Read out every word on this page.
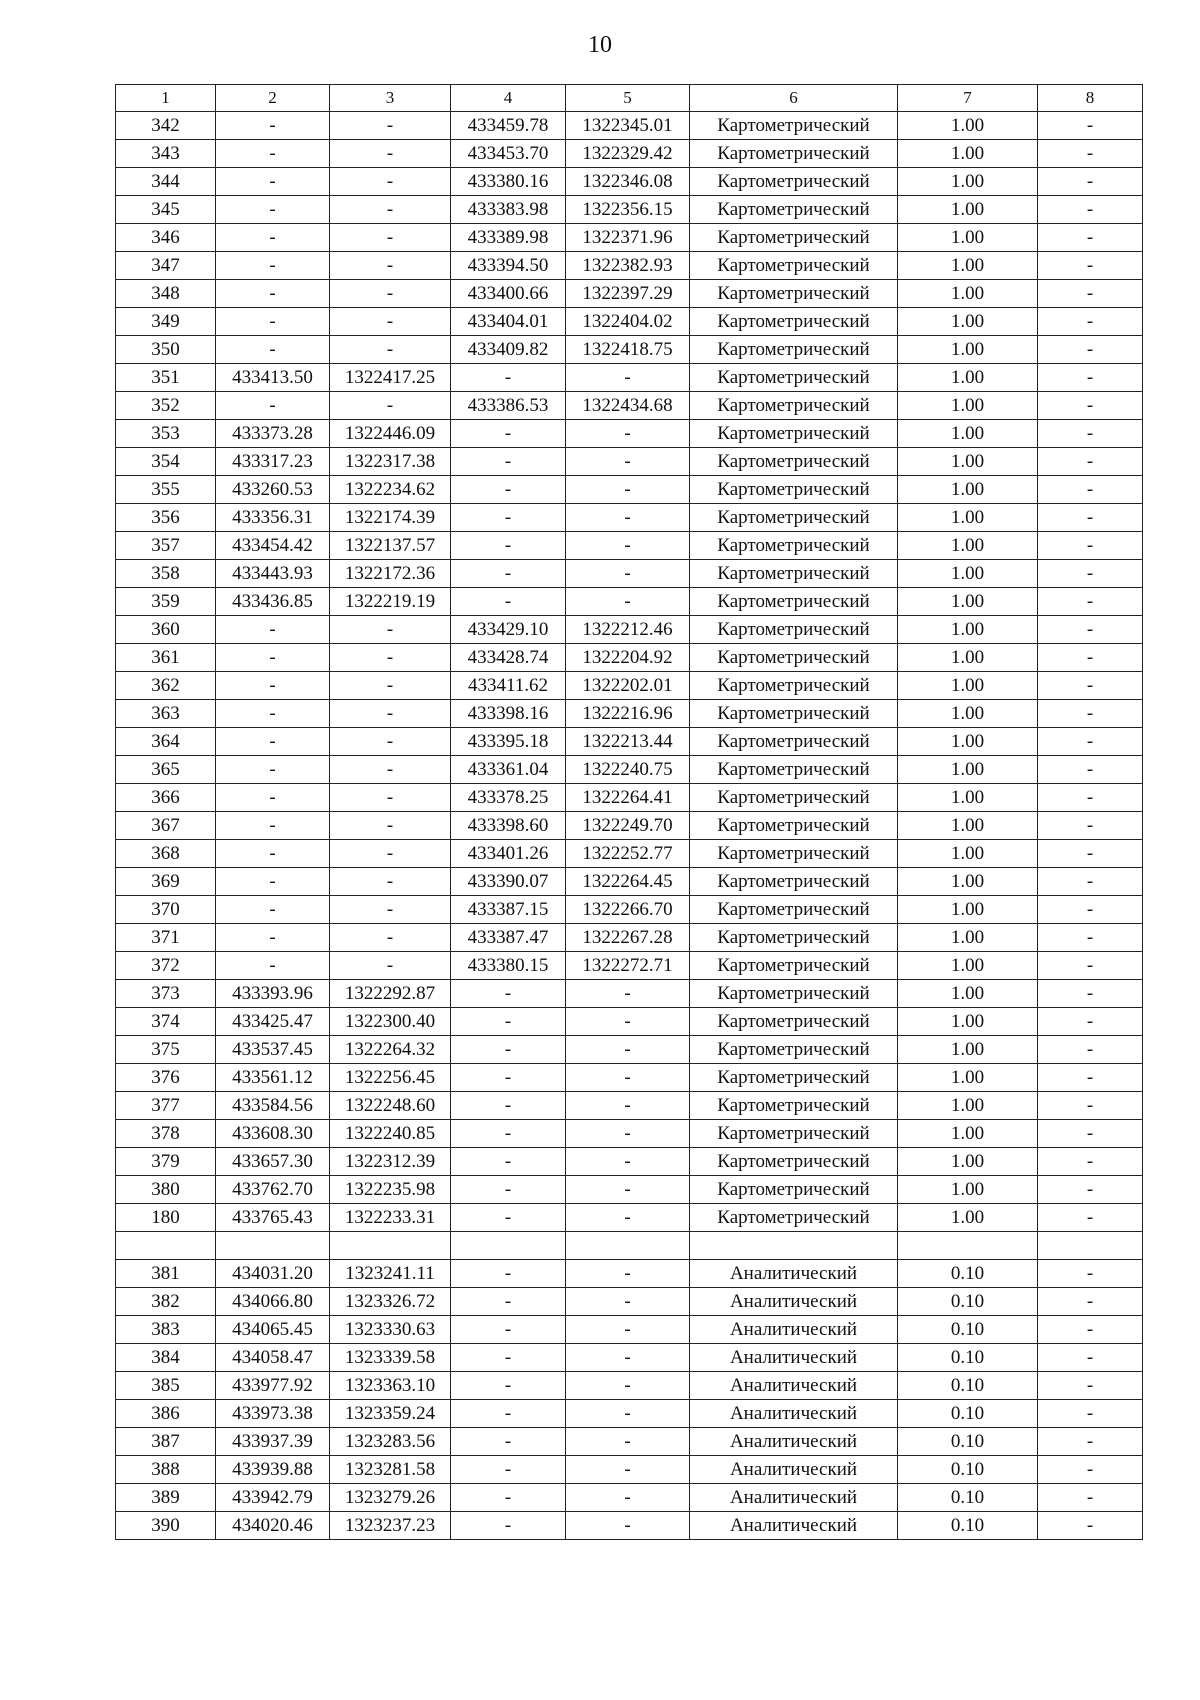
10
1	2	3	4	5	6	7	8
342	-	-	433459.78	1322345.01	Картометрический	1.00	-
343	-	-	433453.70	1322329.42	Картометрический	1.00	-
344	-	-	433380.16	1322346.08	Картометрический	1.00	-
345	-	-	433383.98	1322356.15	Картометрический	1.00	-
346	-	-	433389.98	1322371.96	Картометрический	1.00	-
347	-	-	433394.50	1322382.93	Картометрический	1.00	-
348	-	-	433400.66	1322397.29	Картометрический	1.00	-
349	-	-	433404.01	1322404.02	Картометрический	1.00	-
350	-	-	433409.82	1322418.75	Картометрический	1.00	-
351	433413.50	1322417.25	-	-	Картометрический	1.00	-
352	-	-	433386.53	1322434.68	Картометрический	1.00	-
353	433373.28	1322446.09	-	-	Картометрический	1.00	-
354	433317.23	1322317.38	-	-	Картометрический	1.00	-
355	433260.53	1322234.62	-	-	Картометрический	1.00	-
356	433356.31	1322174.39	-	-	Картометрический	1.00	-
357	433454.42	1322137.57	-	-	Картометрический	1.00	-
358	433443.93	1322172.36	-	-	Картометрический	1.00	-
359	433436.85	1322219.19	-	-	Картометрический	1.00	-
360	-	-	433429.10	1322212.46	Картометрический	1.00	-
361	-	-	433428.74	1322204.92	Картометрический	1.00	-
362	-	-	433411.62	1322202.01	Картометрический	1.00	-
363	-	-	433398.16	1322216.96	Картометрический	1.00	-
364	-	-	433395.18	1322213.44	Картометрический	1.00	-
365	-	-	433361.04	1322240.75	Картометрический	1.00	-
366	-	-	433378.25	1322264.41	Картометрический	1.00	-
367	-	-	433398.60	1322249.70	Картометрический	1.00	-
368	-	-	433401.26	1322252.77	Картометрический	1.00	-
369	-	-	433390.07	1322264.45	Картометрический	1.00	-
370	-	-	433387.15	1322266.70	Картометрический	1.00	-
371	-	-	433387.47	1322267.28	Картометрический	1.00	-
372	-	-	433380.15	1322272.71	Картометрический	1.00	-
373	433393.96	1322292.87	-	-	Картометрический	1.00	-
374	433425.47	1322300.40	-	-	Картометрический	1.00	-
375	433537.45	1322264.32	-	-	Картометрический	1.00	-
376	433561.12	1322256.45	-	-	Картометрический	1.00	-
377	433584.56	1322248.60	-	-	Картометрический	1.00	-
378	433608.30	1322240.85	-	-	Картометрический	1.00	-
379	433657.30	1322312.39	-	-	Картометрический	1.00	-
380	433762.70	1322235.98	-	-	Картометрический	1.00	-
180	433765.43	1322233.31	-	-	Картометрический	1.00	-

381	434031.20	1323241.11	-	-	Аналитический	0.10	-
382	434066.80	1323326.72	-	-	Аналитический	0.10	-
383	434065.45	1323330.63	-	-	Аналитический	0.10	-
384	434058.47	1323339.58	-	-	Аналитический	0.10	-
385	433977.92	1323363.10	-	-	Аналитический	0.10	-
386	433973.38	1323359.24	-	-	Аналитический	0.10	-
387	433937.39	1323283.56	-	-	Аналитический	0.10	-
388	433939.88	1323281.58	-	-	Аналитический	0.10	-
389	433942.79	1323279.26	-	-	Аналитический	0.10	-
390	434020.46	1323237.23	-	-	Аналитический	0.10	-
